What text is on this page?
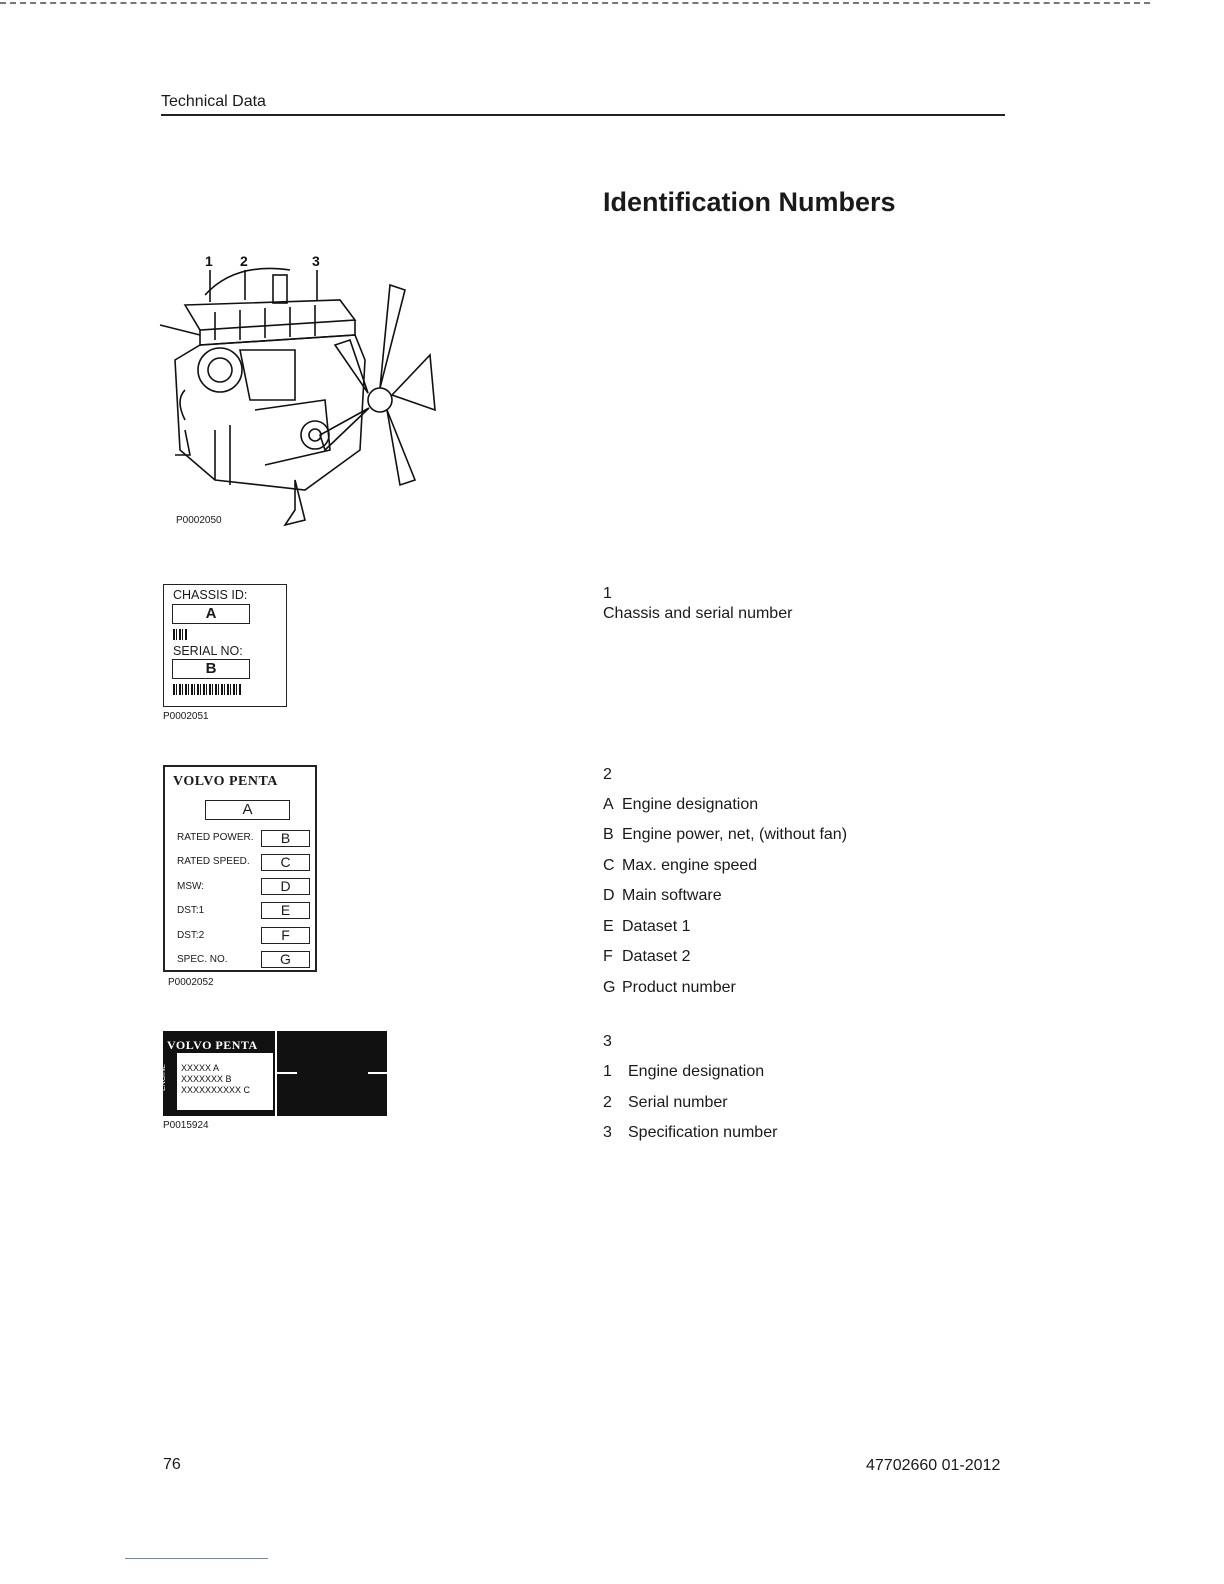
Technical Data
Identification Numbers
1 2	3
P0002050
CHASSIS ID:
A
SERIAL NO:
B
P0002051
VOLVO PENTA
A
RATED POWER.	B
RATED SPEED.	C
MSW:	D
DST:1	E
DST:2	F
SPEC. NO.	G
P0002052
VOLVO PENTA
ENGINE XXXXX A
XXXXXXX B
XXXXXXXXXX C
P0015924
1
Chassis and serial number
2
A Engine designation
B Engine power, net, (without fan)
C Max. engine speed
D Main software
E Dataset 1
F Dataset 2
G Product number
3
1 Engine designation
2 Serial number
3 Specification number
76	47702660 01-2012
